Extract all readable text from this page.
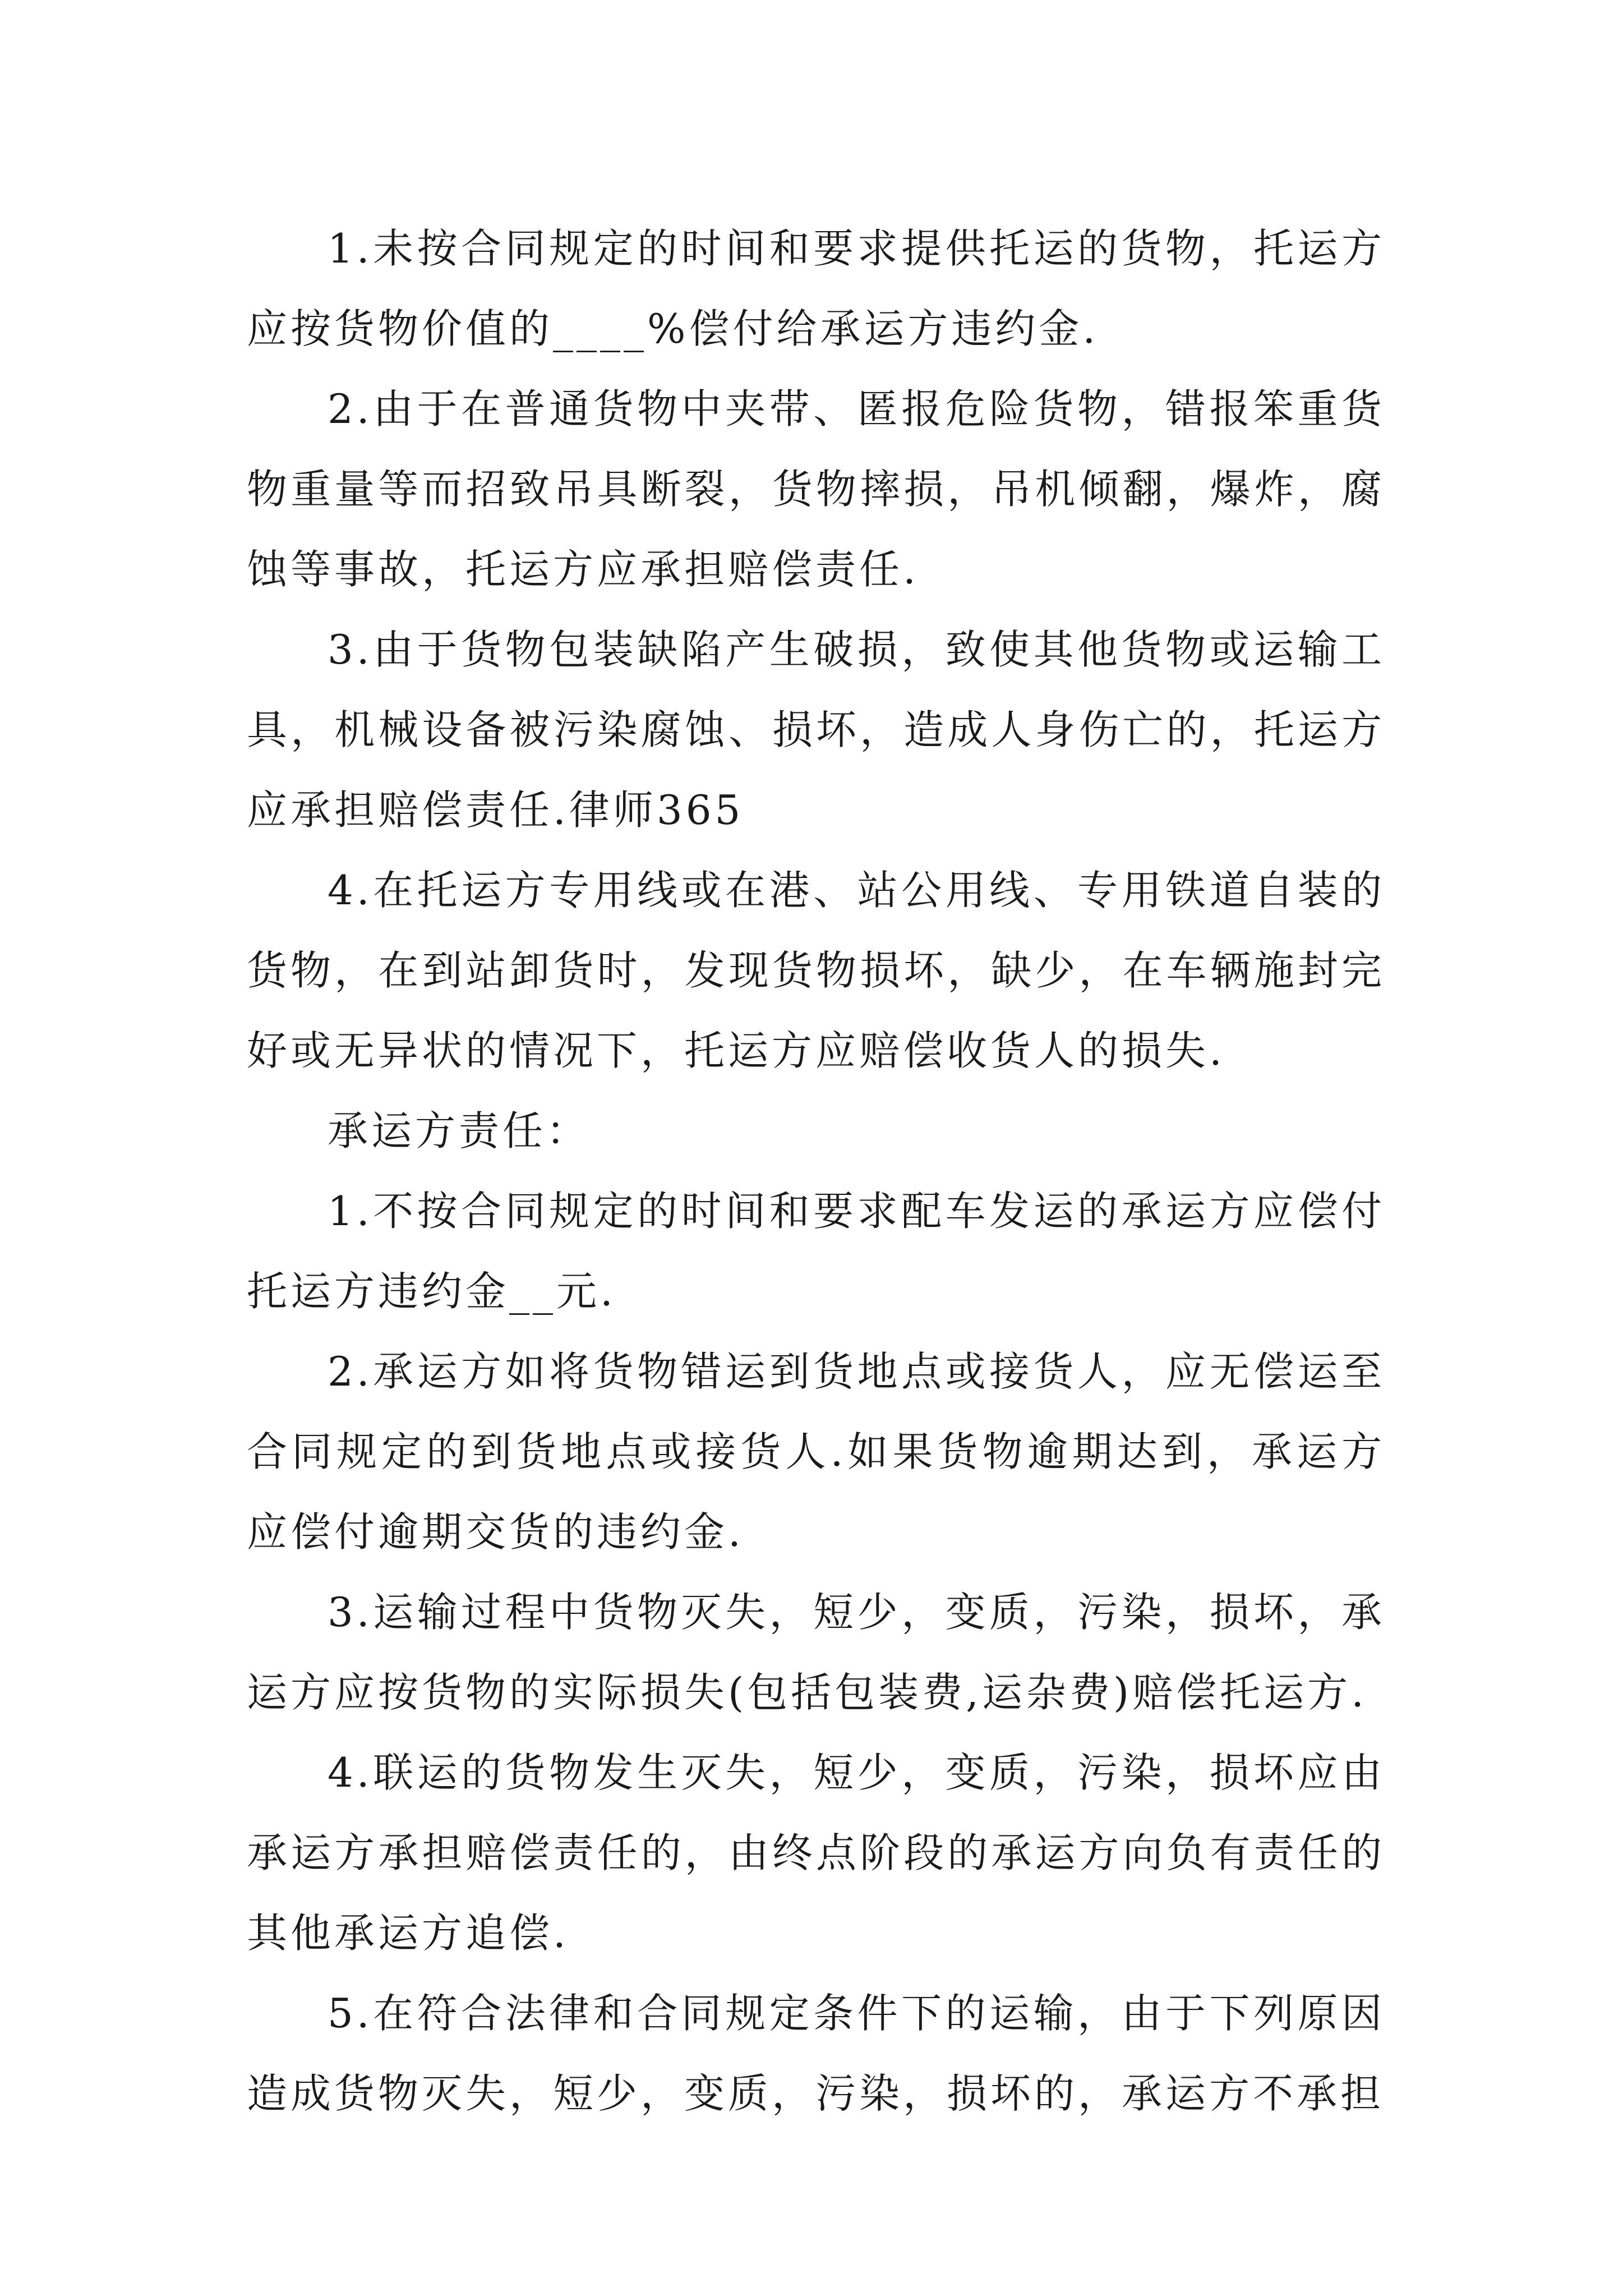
1.未按合同规定的时间和要求提供托运的货物，托运方应按货物价值的____%偿付给承运方违约金.

2.由于在普通货物中夹带、匿报危险货物，错报笨重货物重量等而招致吊具断裂，货物摔损，吊机倾翻，爆炸，腐蚀等事故，托运方应承担赔偿责任.

3.由于货物包装缺陷产生破损，致使其他货物或运输工具，机械设备被污染腐蚀、损坏，造成人身伤亡的，托运方应承担赔偿责任.律师365

4.在托运方专用线或在港、站公用线、专用铁道自装的货物，在到站卸货时，发现货物损坏，缺少，在车辆施封完好或无异状的情况下，托运方应赔偿收货人的损失.

承运方责任：

1.不按合同规定的时间和要求配车发运的承运方应偿付托运方违约金__元.

2.承运方如将货物错运到货地点或接货人，应无偿运至合同规定的到货地点或接货人.如果货物逾期达到，承运方应偿付逾期交货的违约金.

3.运输过程中货物灭失，短少，变质，污染，损坏，承运方应按货物的实际损失(包括包装费,运杂费)赔偿托运方.

4.联运的货物发生灭失，短少，变质，污染，损坏应由承运方承担赔偿责任的，由终点阶段的承运方向负有责任的其他承运方追偿.

5.在符合法律和合同规定条件下的运输，由于下列原因造成货物灭失，短少，变质，污染，损坏的，承运方不承担
